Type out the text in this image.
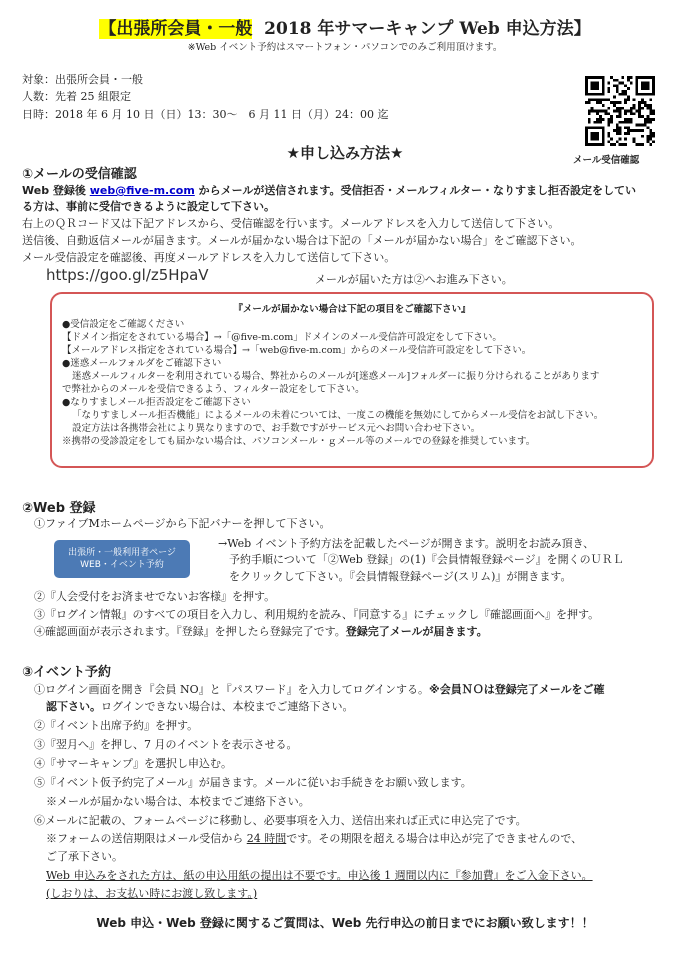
【出張所会員・一般 2018 年サマーキャンプ Web 申込方法】
※Web イベント予約はスマートフォン・パソコンでのみご利用頂けます。
対象：出張所会員・一般
人数：先着 25 組限定
日時：2018 年 6 月 10 日（日）13：30～　6 月 11 日（月）24：00 迄
メール受信確認
★申し込み方法★
①メールの受信確認
Web 登録後 web@five-m.com からメールが送信されます。受信拒否・メールフィルター・なりすまし拒否設定をしてい
る方は、事前に受信できるように設定して下さい。
右上のＱＲコード又は下記アドレスから、受信確認を行います。メールアドレスを入力して送信して下さい。
送信後、自動返信メールが届きます。メールが届かない場合は下記の「メールが届かない場合」をご確認下さい。
メール受信設定を確認後、再度メールアドレスを入力して送信して下さい。
https://goo.gl/z5HpaV	メールが届いた方は②へお進み下さい。
『メールが届かない場合は下記の項目をご確認下さい』
●受信設定をご確認ください
【ドメイン指定をされている場合】→「@five-m.com」ドメインのメール受信許可設定をして下さい。
【メールアドレス指定をされている場合】→「web@five-m.com」からのメール受信許可設定をして下さい。
●迷惑メールフォルダをご確認下さい
迷惑メールフィルターを利用されている場合、弊社からのメールが[迷惑メール]フォルダーに振り分けられることがあります
で弊社からのメールを受信できるよう、フィルター設定をして下さい。
●なりすましメール拒否設定をご確認下さい
「なりすましメール拒否機能」によるメールの未着については、一度この機能を無効にしてからメール受信をお試し下さい。
設定方法は各携帯会社により異なりますので、お手数ですがサービス元へお問い合わせ下さい。
※携帯の受診設定をしても届かない場合は、パソコンメール・ｇメール等のメールでの登録を推奨しています。
②Web 登録
①ファイブMホームページから下記バナーを押して下さい。
出張所・一般利用者ページ
WEB・イベント予約
→Web イベント予約方法を記載したページが開きます。説明をお読み頂き、
予約手順について「②Web 登録」の(1)『会員情報登録ページ』を開くのＵＲＬ
をクリックして下さい。『会員情報登録ページ(スリム)』が開きます。
②『人会受付をお済ませでないお客様』を押す。
③『ログイン情報』のすべての項目を入力し、利用規約を読み、『同意する』にチェックし『確認画面へ』を押す。
④確認画面が表示されます。『登録』を押したら登録完了です。登録完了メールが届きます。
③イベント予約
①ログイン画面を開き『会員 NO』と『パスワード』を入力してログインする。※会員ＮＯは登録完了メールをご確
認下さい。ログインできない場合は、本校までご連絡下さい。
②『イベント出席予約』を押す。
③『翌月へ』を押し、7 月のイベントを表示させる。
④『サマーキャンプ』を選択し申込む。
⑤『イベント仮予約完了メール』が届きます。メールに従いお手続きをお願い致します。
※メールが届かない場合は、本校までご連絡下さい。
⑥メールに記載の、フォームページに移動し、必要事項を入力、送信出来れば正式に申込完了です。
※フォームの送信期限はメール受信から 24 時間です。その期限を超える場合は申込が完了できませんので、
ご了承下さい。
Web 申込みをされた方は、紙の申込用紙の提出は不要です。申込後 1 週間以内に『参加費』をご入金下さい。
(しおりは、お支払い時にお渡し致します。)
Web 申込・Web 登録に関するご質問は、Web 先行申込の前日までにお願い致します！！
